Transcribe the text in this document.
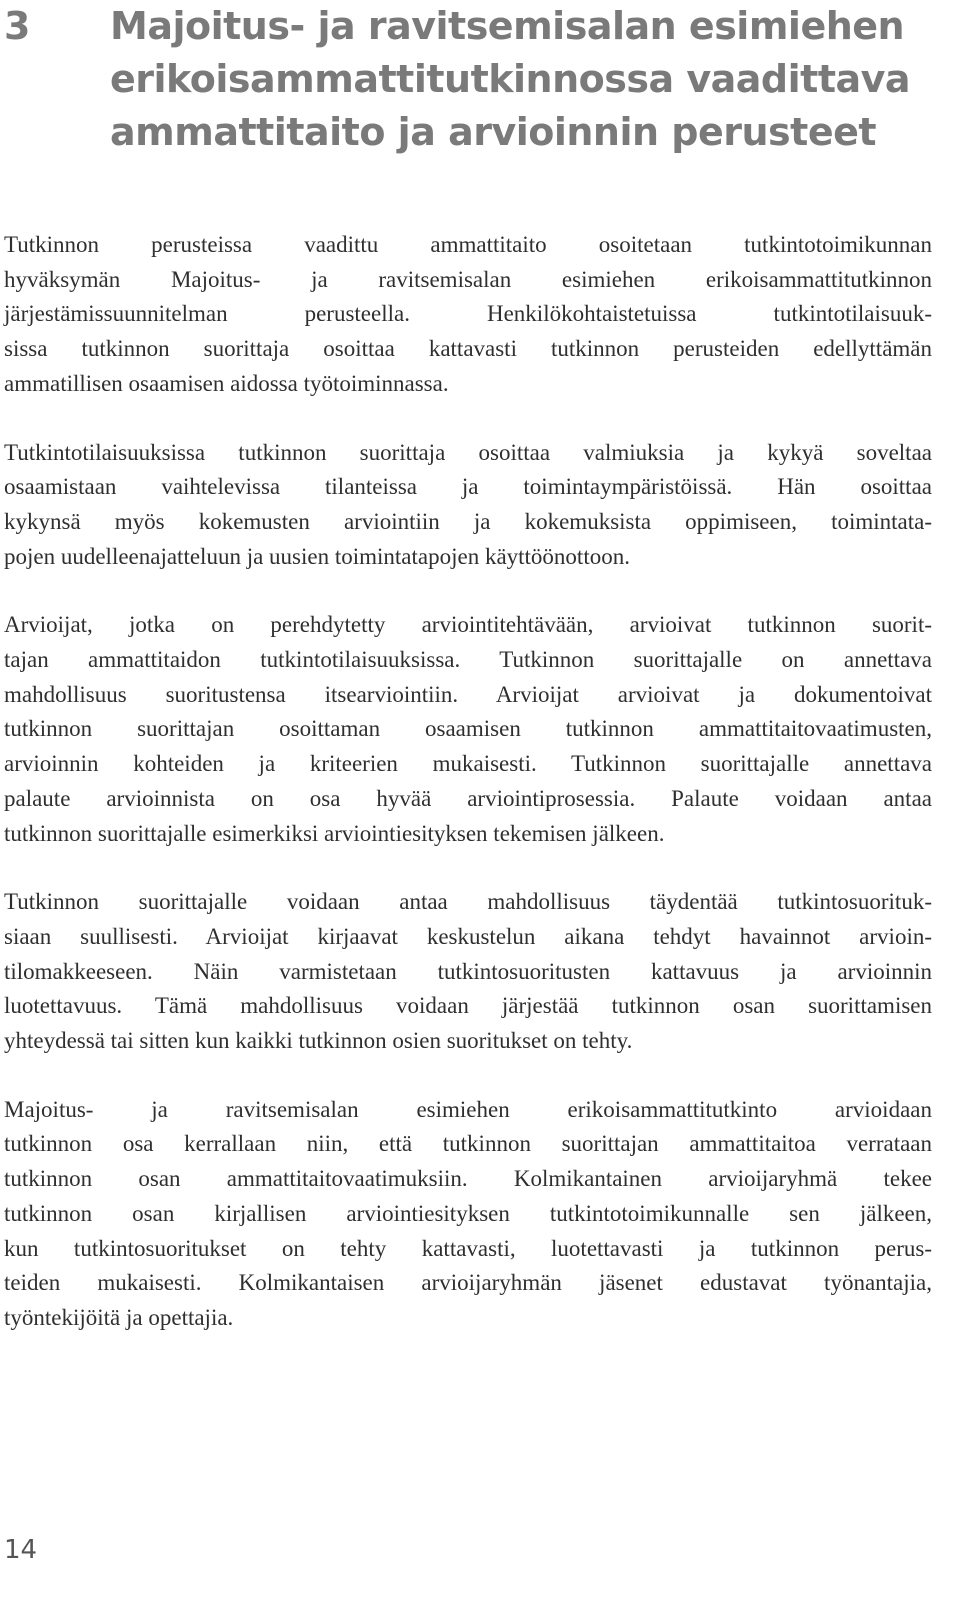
3 Majoitus- ja ravitsemisalan esimiehen
erikoisammattitutkinnossa vaadittava
ammattitaito ja arvioinnin perusteet

Tutkinnon perusteissa vaadittu ammattitaito osoitetaan tutkintotoimikunnan
hyväksymän Majoitus- ja ravitsemisalan esimiehen erikoisammattitutkinnon
järjestämissuunnitelman perusteella. Henkilökohtaistetuissa tutkintotilaisuuk-
sissa tutkinnon suorittaja osoittaa kattavasti tutkinnon perusteiden edellyttämän
ammatillisen osaamisen aidossa työtoiminnassa.

Tutkintotilaisuuksissa tutkinnon suorittaja osoittaa valmiuksia ja kykyä soveltaa
osaamistaan vaihtelevissa tilanteissa ja toimintaympäristöissä. Hän osoittaa
kykynsä myös kokemusten arviointiin ja kokemuksista oppimiseen, toimintata-
pojen uudelleenajatteluun ja uusien toimintatapojen käyttöönottoon.

Arvioijat, jotka on perehdytetty arviointitehtävään, arvioivat tutkinnon suorit-
tajan ammattitaidon tutkintotilaisuuksissa. Tutkinnon suorittajalle on annettava
mahdollisuus suoritustensa itsearviointiin. Arvioijat arvioivat ja dokumentoivat
tutkinnon suorittajan osoittaman osaamisen tutkinnon ammattitaitovaatimusten,
arvioinnin kohteiden ja kriteerien mukaisesti. Tutkinnon suorittajalle annettava
palaute arvioinnista on osa hyvää arviointiprosessia. Palaute voidaan antaa
tutkinnon suorittajalle esimerkiksi arviointiesityksen tekemisen jälkeen.

Tutkinnon suorittajalle voidaan antaa mahdollisuus täydentää tutkintosuorituk-
siaan suullisesti. Arvioijat kirjaavat keskustelun aikana tehdyt havainnot arvioin-
tilomakkeeseen. Näin varmistetaan tutkintosuoritusten kattavuus ja arvioinnin
luotettavuus. Tämä mahdollisuus voidaan järjestää tutkinnon osan suorittamisen
yhteydessä tai sitten kun kaikki tutkinnon osien suoritukset on tehty.

Majoitus- ja ravitsemisalan esimiehen erikoisammattitutkinto arvioidaan
tutkinnon osa kerrallaan niin, että tutkinnon suorittajan ammattitaitoa verrataan
tutkinnon osan ammattitaitovaatimuksiin. Kolmikantainen arvioijaryhmä tekee
tutkinnon osan kirjallisen arviointiesityksen tutkintotoimikunnalle sen jälkeen,
kun tutkintosuoritukset on tehty kattavasti, luotettavasti ja tutkinnon perus-
teiden mukaisesti. Kolmikantaisen arvioijaryhmän jäsenet edustavat työnantajia,
työntekijöitä ja opettajia.

14
